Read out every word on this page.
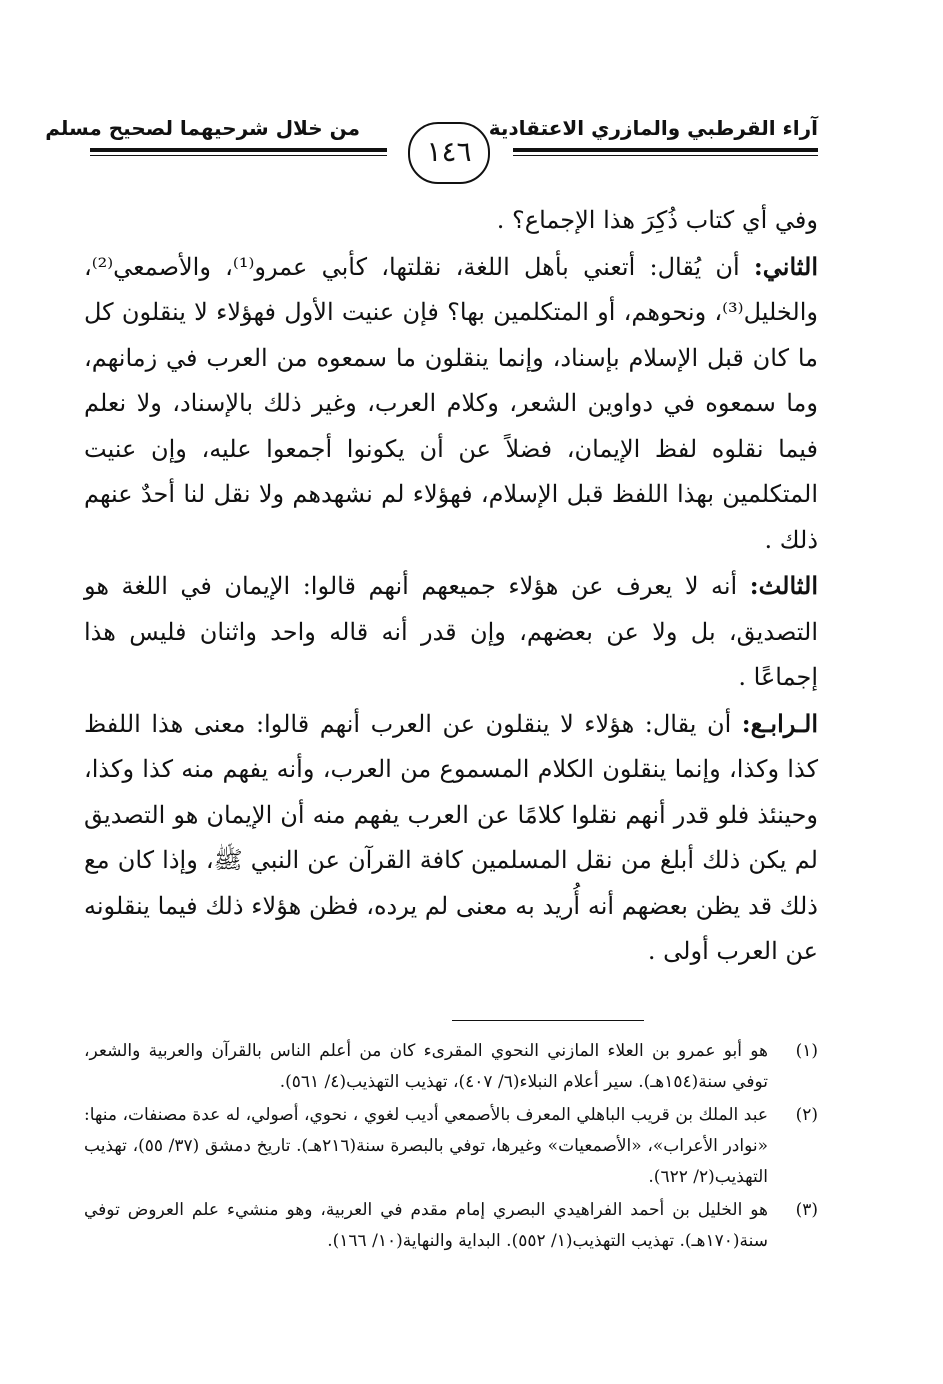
آراء القرطبي والمازري الاعتقادية
من خلال شرحيهما لصحيح مسلم
١٤٦

وفي أي كتاب ذُكِرَ هذا الإجماع؟ .

الثاني: أن يُقال: أتعني بأهل اللغة، نقلتها، كأبي عمرو⁽¹⁾، والأصمعي⁽²⁾، والخليل⁽³⁾، ونحوهم، أو المتكلمين بها؟ فإن عنيت الأول فهؤلاء لا ينقلون كل ما كان قبل الإسلام بإسناد، وإنما ينقلون ما سمعوه من العرب في زمانهم، وما سمعوه في دواوين الشعر، وكلام العرب، وغير ذلك بالإسناد، ولا نعلم فيما نقلوه لفظ الإيمان، فضلاً عن أن يكونوا أجمعوا عليه، وإن عنيت المتكلمين بهذا اللفظ قبل الإسلام، فهؤلاء لم نشهدهم ولا نقل لنا أحدٌ عنهم ذلك .

الثالث: أنه لا يعرف عن هؤلاء جميعهم أنهم قالوا: الإيمان في اللغة هو التصديق، بل ولا عن بعضهم، وإن قدر أنه قاله واحد واثنان فليس هذا إجماعًا .

الـرابـع: أن يقال: هؤلاء لا ينقلون عن العرب أنهم قالوا: معنى هذا اللفظ كذا وكذا، وإنما ينقلون الكلام المسموع من العرب، وأنه يفهم منه كذا وكذا، وحينئذ فلو قدر أنهم نقلوا كلامًا عن العرب يفهم منه أن الإيمان هو التصديق لم يكن ذلك أبلغ من نقل المسلمين كافة القرآن عن النبي ﷺ، وإذا كان مع ذلك قد يظن بعضهم أنه أُريد به معنى لم يرده، فظن هؤلاء ذلك فيما ينقلونه عن العرب أولى .

(١)
هو أبو عمرو بن العلاء المازني النحوي المقرىء كان من أعلم الناس بالقرآن والعربية والشعر، توفي سنة(١٥٤هـ). سير أعلام النبلاء(٦/ ٤٠٧)، تهذيب التهذيب(٤/ ٥٦١).
(٢)
عبد الملك بن قريب الباهلي المعرف بالأصمعي أديب لغوي ، نحوي، أصولي، له عدة مصنفات، منها: «نوادر الأعراب»، «الأصمعيات» وغيرها، توفي بالبصرة سنة(٢١٦هـ). تاريخ دمشق (٣٧/ ٥٥)، تهذيب التهذيب(٢/ ٦٢٢).
(٣)
هو الخليل بن أحمد الفراهيدي البصري إمام مقدم في العربية، وهو منشيء علم العروض توفي سنة(١٧٠هـ). تهذيب التهذيب(١/ ٥٥٢). البداية والنهاية(١٠/ ١٦٦).
